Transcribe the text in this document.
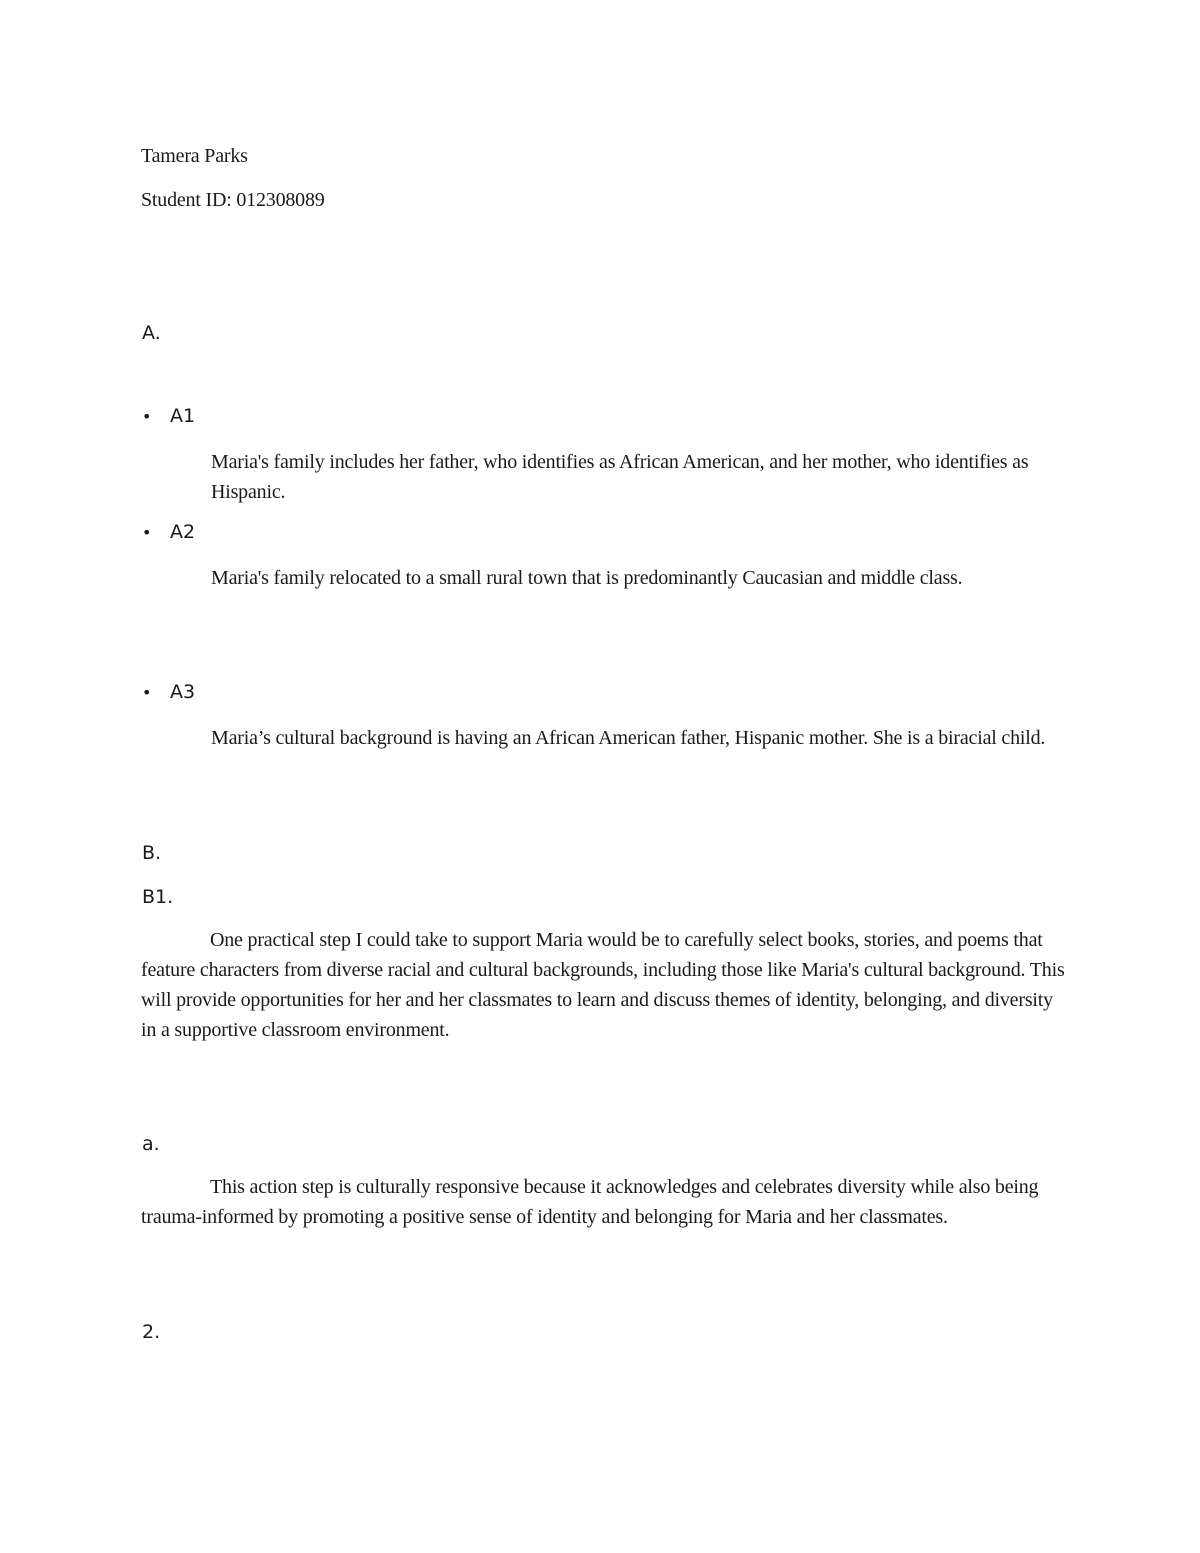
Tamera Parks

Student ID: 012308089

A.

• A1

Maria's family includes her father, who identifies as African American, and her mother, who identifies as Hispanic.

• A2

Maria's family relocated to a small rural town that is predominantly Caucasian and middle class.

• A3

Maria’s cultural background is having an African American father, Hispanic mother. She is a biracial child.

B.

B1.

One practical step I could take to support Maria would be to carefully select books, stories, and poems that feature characters from diverse racial and cultural backgrounds, including those like Maria's cultural background. This will provide opportunities for her and her classmates to learn and discuss themes of identity, belonging, and diversity in a supportive classroom environment.

a.

This action step is culturally responsive because it acknowledges and celebrates diversity while also being trauma-informed by promoting a positive sense of identity and belonging for Maria and her classmates.

2.
